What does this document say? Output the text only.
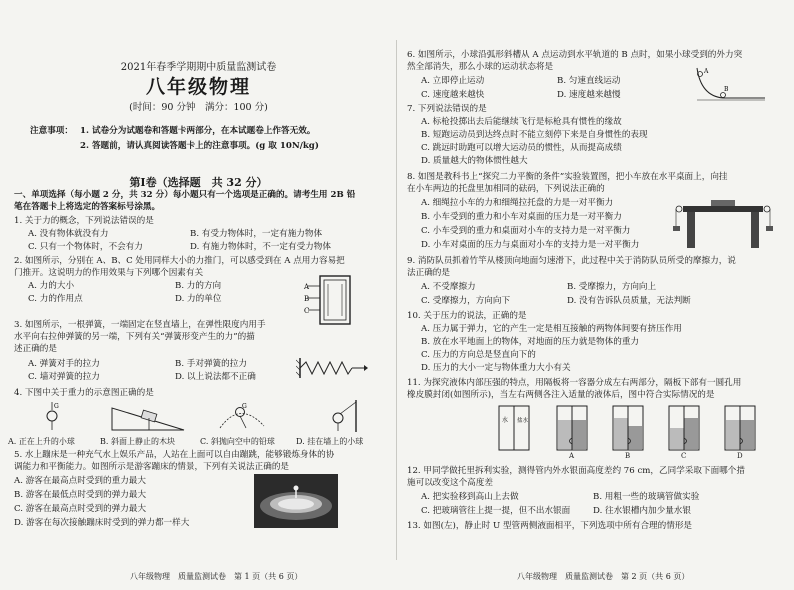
2021年春季学期期中质量监测试卷
八年级物理
(时间：90 分钟　满分：100 分)
注意事项： 1. 试卷分为试题卷和答题卡两部分，在本试题卷上作答无效。
2. 答题前，请认真阅读答题卡上的注意事项。(g 取 10N/kg)
第Ⅰ卷（选择题　共 32 分）
一、单项选择（每小题 2 分，共 32 分）每小题只有一个选项是正确的。请考生用 2B 铅
笔在答题卡上将选定的答案标号涂黑。
1. 关于力的概念，下列说法错误的是
A. 没有物体就没有力	B. 有受力物体时，一定有施力物体
C. 只有一个物体时，不会有力	D. 有施力物体时，不一定有受力物体
2. 如图所示，分别在 A、B、C 处用同样大小的力推门，可以感受到在 A 点用力容易把
门推开。这说明力的作用效果与下列哪个因素有关
A. 力的大小	B. 力的方向
C. 力的作用点	D. 力的单位
A
B
C
3. 如图所示，一根弹簧，一端固定在竖直墙上，在弹性限度内用手
水平向右拉伸弹簧的另一端，下列有关“弹簧形变产生的力”的描
述正确的是
A. 弹簧对手的拉力	B. 手对弹簧的拉力
C. 墙对弹簧的拉力	D. 以上说法都不正确
4. 下图中关于重力的示意图正确的是
G	G
A. 正在上升的小球	B. 斜面上静止的木块	C. 斜抛向空中的铅球	D. 挂在墙上的小球
5. 水上蹦床是一种充气水上娱乐产品，人站在上面可以自由蹦跳，能够锻炼身体的协
调能力和平衡能力。如图所示是游客蹦床的情景，下列有关说法正确的是
A. 游客在最高点时受到的重力最大
B. 游客在最低点时受到的弹力最大
C. 游客在最高点时受到的弹力最大
D. 游客在每次接触蹦床时受到的弹力都一样大
八年级物理　质量监测试卷　第 1 页（共 6 页）
6. 如图所示，小球沿弧形斜槽从 A 点运动到水平轨道的 B 点时，如果小球受到的外力突
然全部消失，那么小球的运动状态将是
A. 立即停止运动	B. 匀速直线运动
C. 速度越来越快	D. 速度越来越慢
A
B
7. 下列说法错误的是
A. 标枪投掷出去后能继续飞行是标枪具有惯性的缘故
B. 短跑运动员到达终点时不能立刻停下来是自身惯性的表现
C. 跳远时助跑可以增大运动员的惯性，从而提高成绩
D. 质量越大的物体惯性越大
8. 如图是教科书上“探究二力平衡的条件”实验装置图，把小车放在水平桌面上，向挂
在小车两边的托盘里加相同的砝码，下列说法正确的
A. 细绳拉小车的力和细绳拉托盘的力是一对平衡力
B. 小车受到的重力和小车对桌面的压力是一对平衡力
C. 小车受到的重力和桌面对小车的支持力是一对平衡力
D. 小车对桌面的压力与桌面对小车的支持力是一对平衡力
9. 消防队员抓着竹竿从楼顶向地面匀速滑下，此过程中关于消防队员所受的摩擦力，说
法正确的是
A. 不受摩擦力	B. 受摩擦力，方向向上
C. 受摩擦力，方向向下	D. 没有告诉队员质量，无法判断
10. 关于压力的说法，正确的是
A. 压力属于弹力，它的产生一定是相互接触的两物体间要有挤压作用
B. 放在水平地面上的物体，对地面的压力就是物体的重力
C. 压力的方向总是竖直向下的
D. 压力的大小一定与物体重力大小有关
11. 为探究液体内部压强的特点，用隔板将一容器分成左右两部分，隔板下部有一圆孔用
橡皮膜封闭(如图所示)，当左右两侧各注入适量的液体后，图中符合实际情况的是
水 盐水
A	B	C	D
12. 甲同学做托里拆利实验，测得管内外水银面高度差约 76 cm，乙同学采取下面哪个措
施可以改变这个高度差
A. 把实验移到高山上去做	B. 用粗一些的玻璃管做实验
C. 把玻璃管往上提一提，但不出水银面	D. 往水银槽内加少量水银
13. 如图(左)，静止时 U 型管两侧液面相平，下列选项中所有合理的情形是
八年级物理　质量监测试卷　第 2 页（共 6 页）
